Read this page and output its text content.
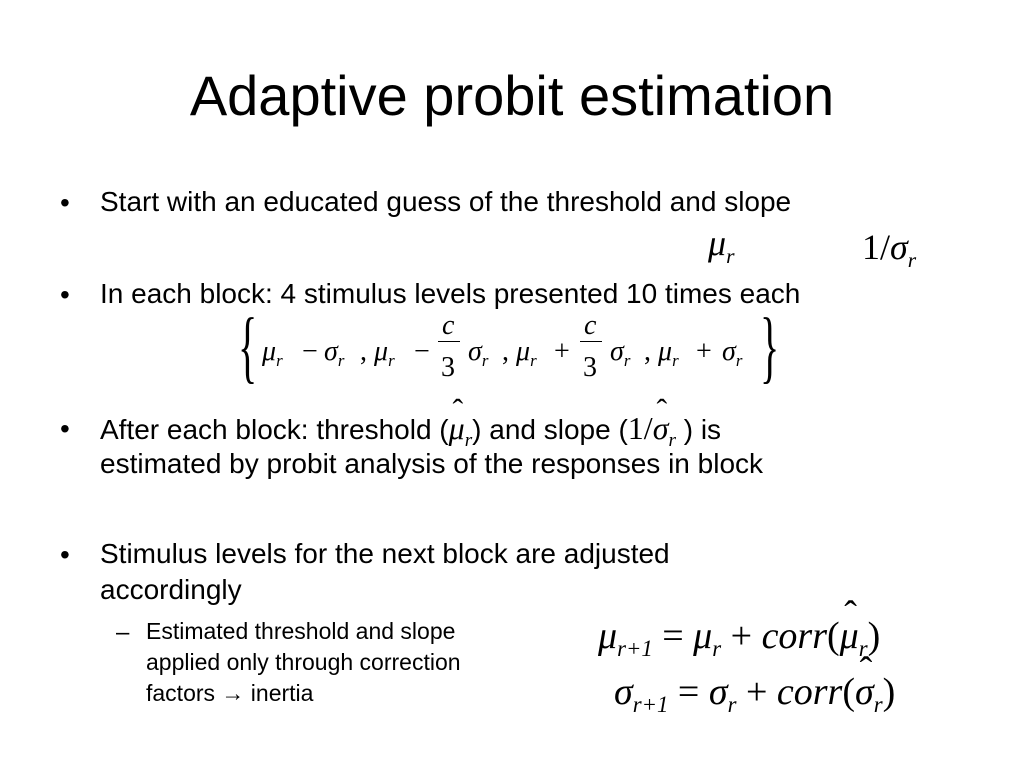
Adaptive probit estimation
• Start with an educated guess of the threshold and slope
$\mu_r$	$1/\sigma_r$
• In each block: 4 stimulus levels presented 10 times each
{ $\mu_r - \sigma_r$ , $\mu_r$ −
c
3
$\sigma_r$ , $\mu_r$ +
c
3
$\sigma_r$ , $\mu_r + \sigma_r$ }
• After each block: threshold (ˆ $\mu_r$) and slope (1/ˆ $\sigma_r$ ) is
estimated by probit analysis of the responses in block
• Stimulus levels for the next block are adjusted
accordingly
– Estimated threshold and slope
applied only through correction
factors → inertia
$\mu_{r+1} = \mu_r$ + corr(ˆ $\mu_r$)
$\sigma_{r+1} = \sigma_r$ + corr(ˆ $\sigma_r$)
